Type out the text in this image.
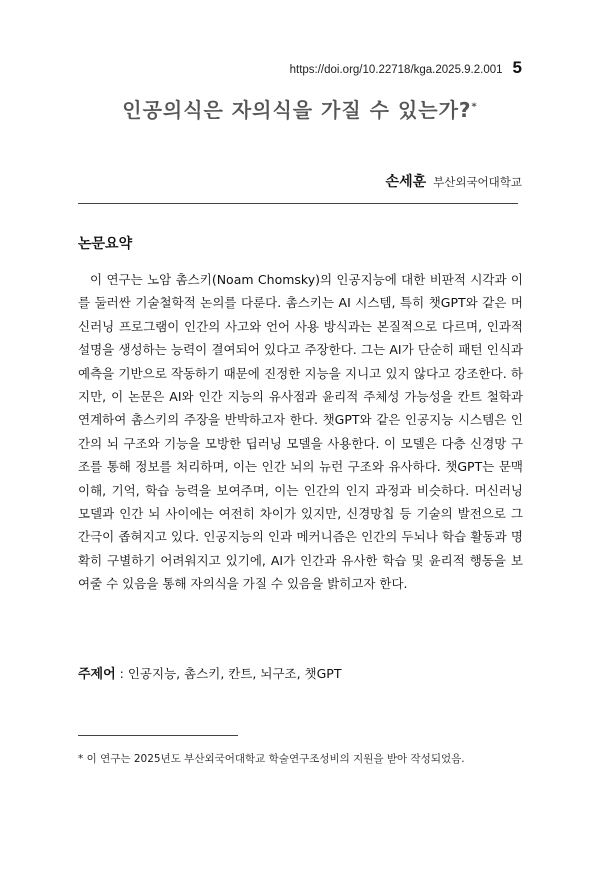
https://doi.org/10.22718/kga.2025.9.2.001 5
인공의식은 자의식을 가질 수 있는가?*
손세훈 부산외국어대학교
논문요약
이 연구는 노암 촘스키(Noam Chomsky)의 인공지능에 대한 비판적 시각과 이를 둘러싼 기술철학적 논의를 다룬다. 촘스키는 AI 시스템, 특히 챗GPT와 같은 머신러닝 프로그램이 인간의 사고와 언어 사용 방식과는 본질적으로 다르며, 인과적 설명을 생성하는 능력이 결여되어 있다고 주장한다. 그는 AI가 단순히 패턴 인식과 예측을 기반으로 작동하기 때문에 진정한 지능을 지니고 있지 않다고 강조한다. 하지만, 이 논문은 AI와 인간 지능의 유사점과 윤리적 주체성 가능성을 칸트 철학과 연계하여 촘스키의 주장을 반박하고자 한다. 챗GPT와 같은 인공지능 시스템은 인간의 뇌 구조와 기능을 모방한 딥러닝 모델을 사용한다. 이 모델은 다층 신경망 구조를 통해 정보를 처리하며, 이는 인간 뇌의 뉴런 구조와 유사하다. 챗GPT는 문맥 이해, 기억, 학습 능력을 보여주며, 이는 인간의 인지 과정과 비슷하다. 머신러닝 모델과 인간 뇌 사이에는 여전히 차이가 있지만, 신경망칩 등 기술의 발전으로 그 간극이 좁혀지고 있다. 인공지능의 인과 메커니즘은 인간의 두뇌나 학습 활동과 명확히 구별하기 어려워지고 있기에, AI가 인간과 유사한 학습 및 윤리적 행동을 보여줄 수 있음을 통해 자의식을 가질 수 있음을 밝히고자 한다.
주제어 : 인공지능, 촘스키, 칸트, 뇌구조, 챗GPT
* 이 연구는 2025년도 부산외국어대학교 학술연구조성비의 지원을 받아 작성되었음.
